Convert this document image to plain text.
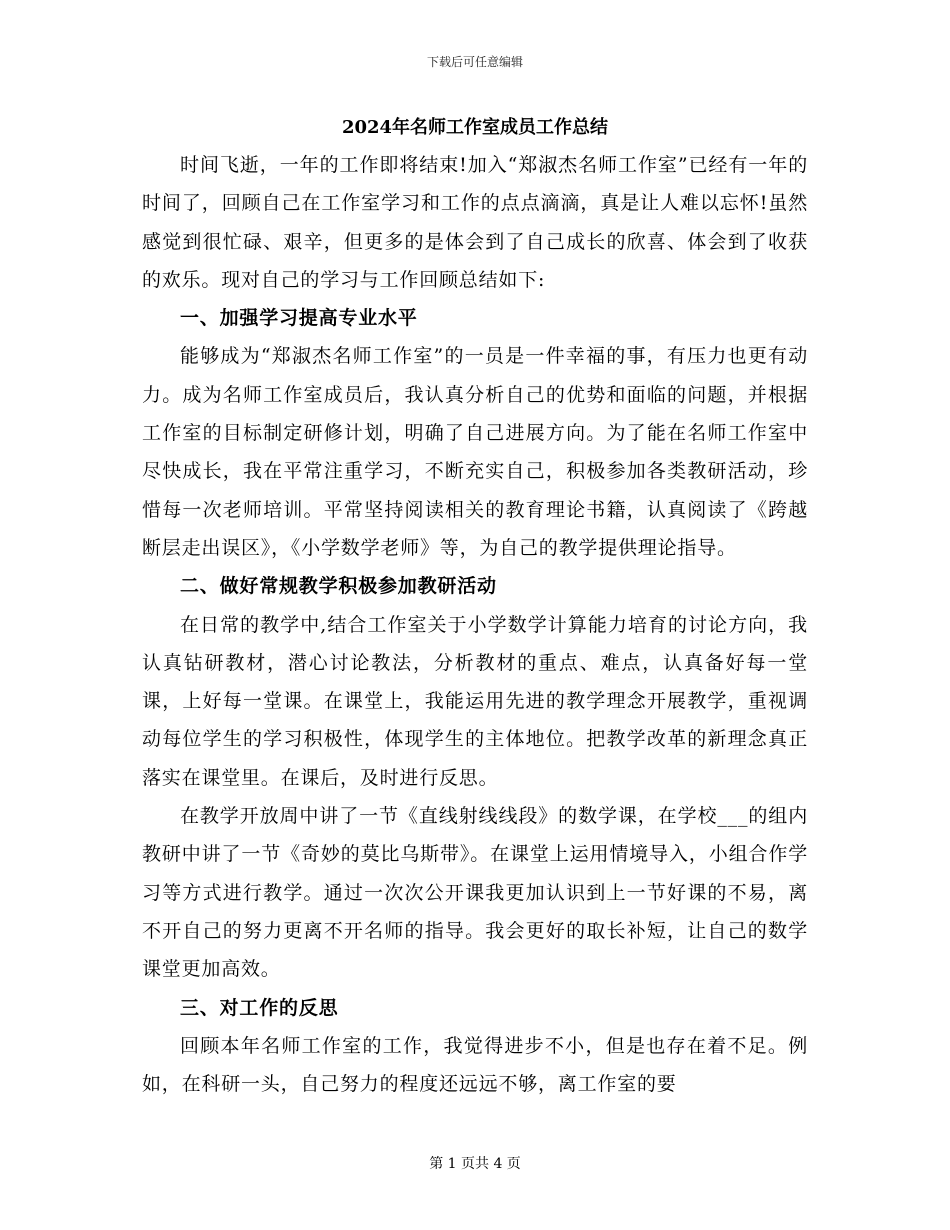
下载后可任意编辑
2024年名师工作室成员工作总结

时间飞逝，一年的工作即将结束!加入“郑淑杰名师工作室”已经有一年的时间了，回顾自己在工作室学习和工作的点点滴滴，真是让人难以忘怀!虽然感觉到很忙碌、艰辛，但更多的是体会到了自己成长的欣喜、体会到了收获的欢乐。现对自己的学习与工作回顾总结如下:

一、加强学习提高专业水平

能够成为“郑淑杰名师工作室”的一员是一件幸福的事，有压力也更有动力。成为名师工作室成员后，我认真分析自己的优势和面临的问题，并根据工作室的目标制定研修计划，明确了自己进展方向。为了能在名师工作室中尽快成长，我在平常注重学习，不断充实自己，积极参加各类教研活动，珍惜每一次老师培训。平常坚持阅读相关的教育理论书籍，认真阅读了《跨越断层走出误区》，《小学数学老师》等，为自己的教学提供理论指导。

二、做好常规教学积极参加教研活动

在日常的教学中,结合工作室关于小学数学计算能力培育的讨论方向，我认真钻研教材，潜心讨论教法，分析教材的重点、难点，认真备好每一堂课，上好每一堂课。在课堂上，我能运用先进的教学理念开展教学，重视调动每位学生的学习积极性，体现学生的主体地位。把教学改革的新理念真正落实在课堂里。在课后，及时进行反思。

在教学开放周中讲了一节《直线射线线段》的数学课，在学校___的组内教研中讲了一节《奇妙的莫比乌斯带》。在课堂上运用情境导入，小组合作学习等方式进行教学。通过一次次公开课我更加认识到上一节好课的不易，离不开自己的努力更离不开名师的指导。我会更好的取长补短，让自己的数学课堂更加高效。

三、对工作的反思

回顾本年名师工作室的工作，我觉得进步不小，但是也存在着不足。例如，在科研一头，自己努力的程度还远远不够，离工作室的要

第 1 页共 4 页
